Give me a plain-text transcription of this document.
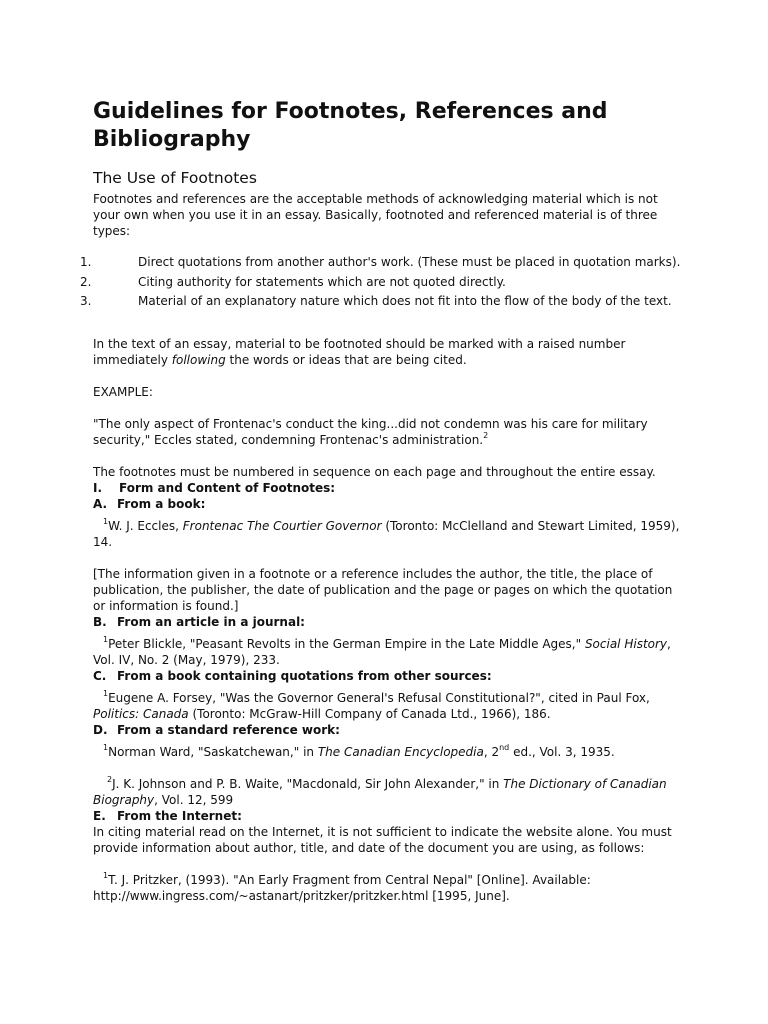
Guidelines for Footnotes, References and Bibliography
The Use of Footnotes

Footnotes and references are the acceptable methods of acknowledging material which is not your own when you use it in an essay. Basically, footnoted and referenced material is of three types:

1.	Direct quotations from another author's work. (These must be placed in quotation marks).
2.	Citing authority for statements which are not quoted directly.
3.	Material of an explanatory nature which does not fit into the flow of the body of the text.

In the text of an essay, material to be footnoted should be marked with a raised number immediately following the words or ideas that are being cited.

EXAMPLE:

"The only aspect of Frontenac's conduct the king...did not condemn was his care for military security," Eccles stated, condemning Frontenac's administration.$^2$

The footnotes must be numbered in sequence on each page and throughout the entire essay.

I. Form and Content of Footnotes:

A. From a book:

$^1$W. J. Eccles, Frontenac The Courtier Governor (Toronto: McClelland and Stewart Limited, 1959), 14.

[The information given in a footnote or a reference includes the author, the title, the place of publication, the publisher, the date of publication and the page or pages on which the quotation or information is found.]

B. From an article in a journal:

$^1$Peter Blickle, "Peasant Revolts in the German Empire in the Late Middle Ages," Social History, Vol. IV, No. 2 (May, 1979), 233.

C. From a book containing quotations from other sources:

$^1$Eugene A. Forsey, "Was the Governor General's Refusal Constitutional?", cited in Paul Fox, Politics: Canada (Toronto: McGraw-Hill Company of Canada Ltd., 1966), 186.

D. From a standard reference work:

$^1$Norman Ward, "Saskatchewan," in The Canadian Encyclopedia, 2nd ed., Vol. 3, 1935.

$^2$J. K. Johnson and P. B. Waite, "Macdonald, Sir John Alexander," in The Dictionary of Canadian Biography, Vol. 12, 599

E. From the Internet:

In citing material read on the Internet, it is not sufficient to indicate the website alone. You must provide information about author, title, and date of the document you are using, as follows:

$^1$T. J. Pritzker, (1993). "An Early Fragment from Central Nepal" [Online]. Available: http://www.ingress.com/~astanart/pritzker/pritzker.html [1995, June].
